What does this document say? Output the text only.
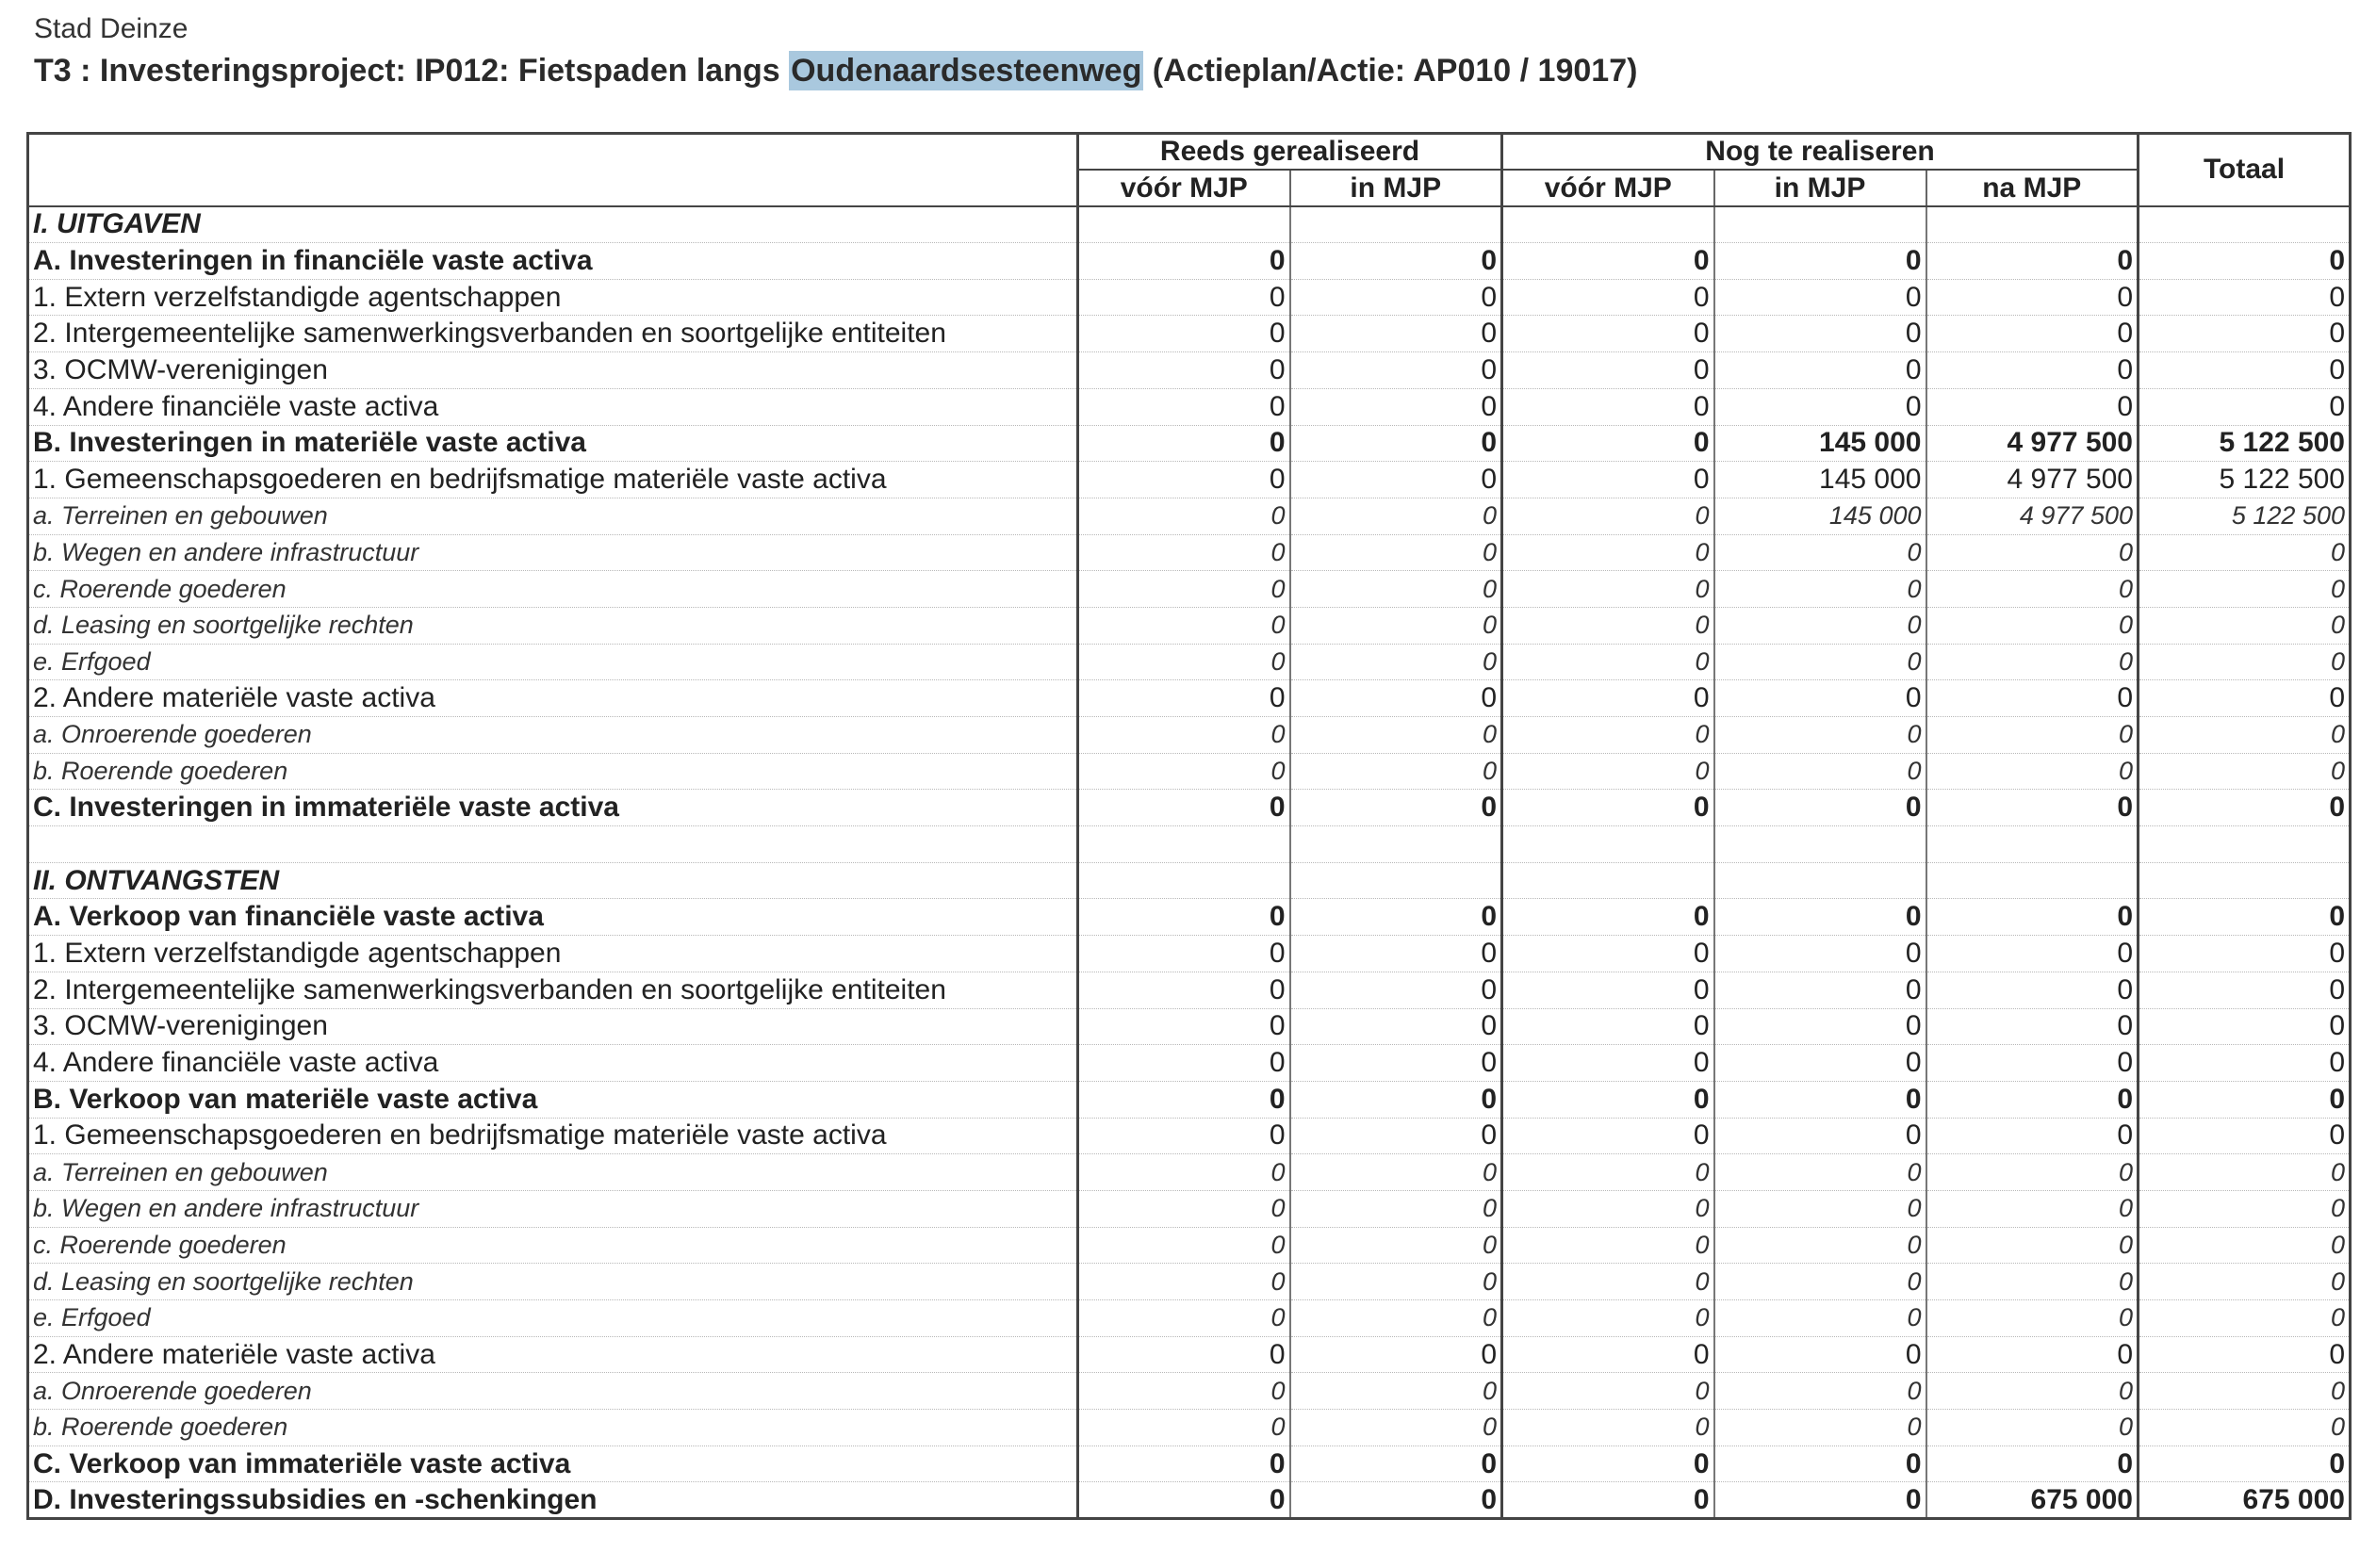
Stad Deinze
T3 : Investeringsproject: IP012: Fietspaden langs Oudenaardsesteenweg (Actieplan/Actie: AP010 / 19017)
	Reeds gerealiseerd		Nog te realiseren			Totaal
	vóór MJP	in MJP	vóór MJP	in MJP	na MJP	
I. UITGAVEN						
A. Investeringen in financiële vaste activa	0	0	0	0	0	0
1. Extern verzelfstandigde agentschappen	0	0	0	0	0	0
2. Intergemeentelijke samenwerkingsverbanden en soortgelijke entiteiten	0	0	0	0	0	0
3. OCMW-verenigingen	0	0	0	0	0	0
4. Andere financiële vaste activa	0	0	0	0	0	0
B. Investeringen in materiële vaste activa	0	0	0	145 000	4 977 500	5 122 500
1. Gemeenschapsgoederen en bedrijfsmatige materiële vaste activa	0	0	0	145 000	4 977 500	5 122 500
a. Terreinen en gebouwen	0	0	0	145 000	4 977 500	5 122 500
b. Wegen en andere infrastructuur	0	0	0	0	0	0
c. Roerende goederen	0	0	0	0	0	0
d. Leasing en soortgelijke rechten	0	0	0	0	0	0
e. Erfgoed	0	0	0	0	0	0
2. Andere materiële vaste activa	0	0	0	0	0	0
a. Onroerende goederen	0	0	0	0	0	0
b. Roerende goederen	0	0	0	0	0	0
C. Investeringen in immateriële vaste activa	0	0	0	0	0	0

II. ONTVANGSTEN						
A. Verkoop van financiële vaste activa	0	0	0	0	0	0
1. Extern verzelfstandigde agentschappen	0	0	0	0	0	0
2. Intergemeentelijke samenwerkingsverbanden en soortgelijke entiteiten	0	0	0	0	0	0
3. OCMW-verenigingen	0	0	0	0	0	0
4. Andere financiële vaste activa	0	0	0	0	0	0
B. Verkoop van materiële vaste activa	0	0	0	0	0	0
1. Gemeenschapsgoederen en bedrijfsmatige materiële vaste activa	0	0	0	0	0	0
a. Terreinen en gebouwen	0	0	0	0	0	0
b. Wegen en andere infrastructuur	0	0	0	0	0	0
c. Roerende goederen	0	0	0	0	0	0
d. Leasing en soortgelijke rechten	0	0	0	0	0	0
e. Erfgoed	0	0	0	0	0	0
2. Andere materiële vaste activa	0	0	0	0	0	0
a. Onroerende goederen	0	0	0	0	0	0
b. Roerende goederen	0	0	0	0	0	0
C. Verkoop van immateriële vaste activa	0	0	0	0	0	0
D. Investeringssubsidies en -schenkingen	0	0	0	0	675 000	675 000
